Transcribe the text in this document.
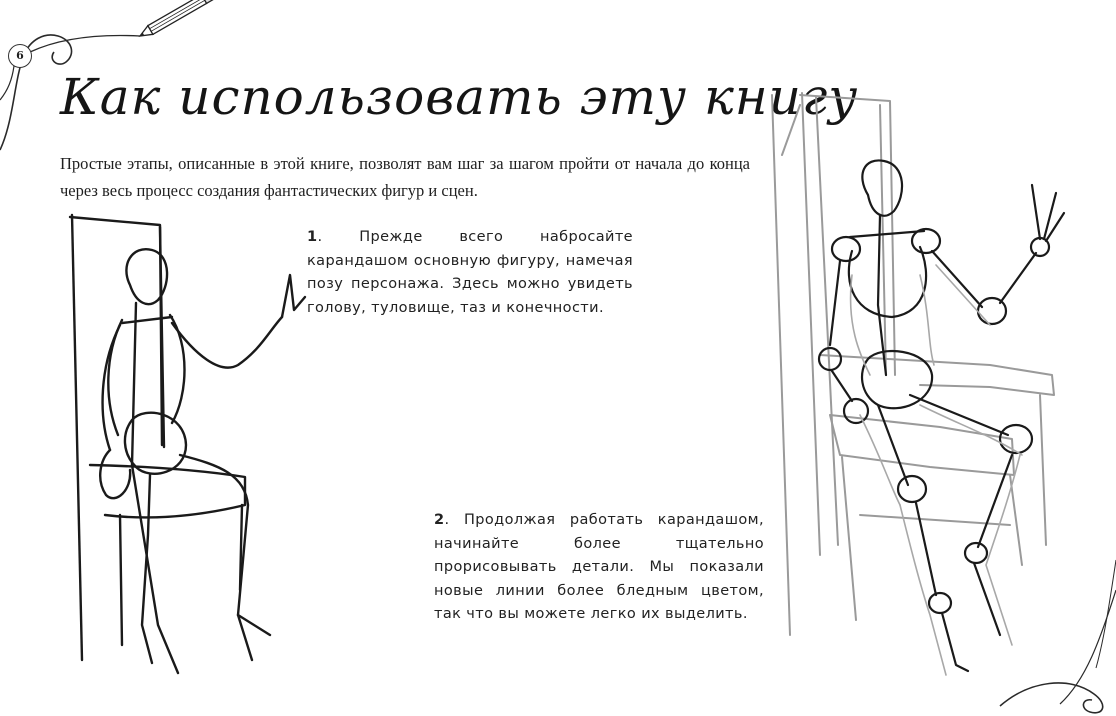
6
Как использовать эту книгу

Простые этапы, описанные в этой книге, позволят вам шаг за шагом пройти от начала до конца через весь процесс создания фантастических фигур и сцен.

1. Прежде всего набросайте карандашом основную фигуру, намечая позу персонажа. Здесь можно увидеть голову, туловище, таз и конечности.

2. Продолжая работать карандашом, начинайте более тщательно прорисовывать детали. Мы показали новые линии более бледным цветом, так что вы можете легко их выделить.
